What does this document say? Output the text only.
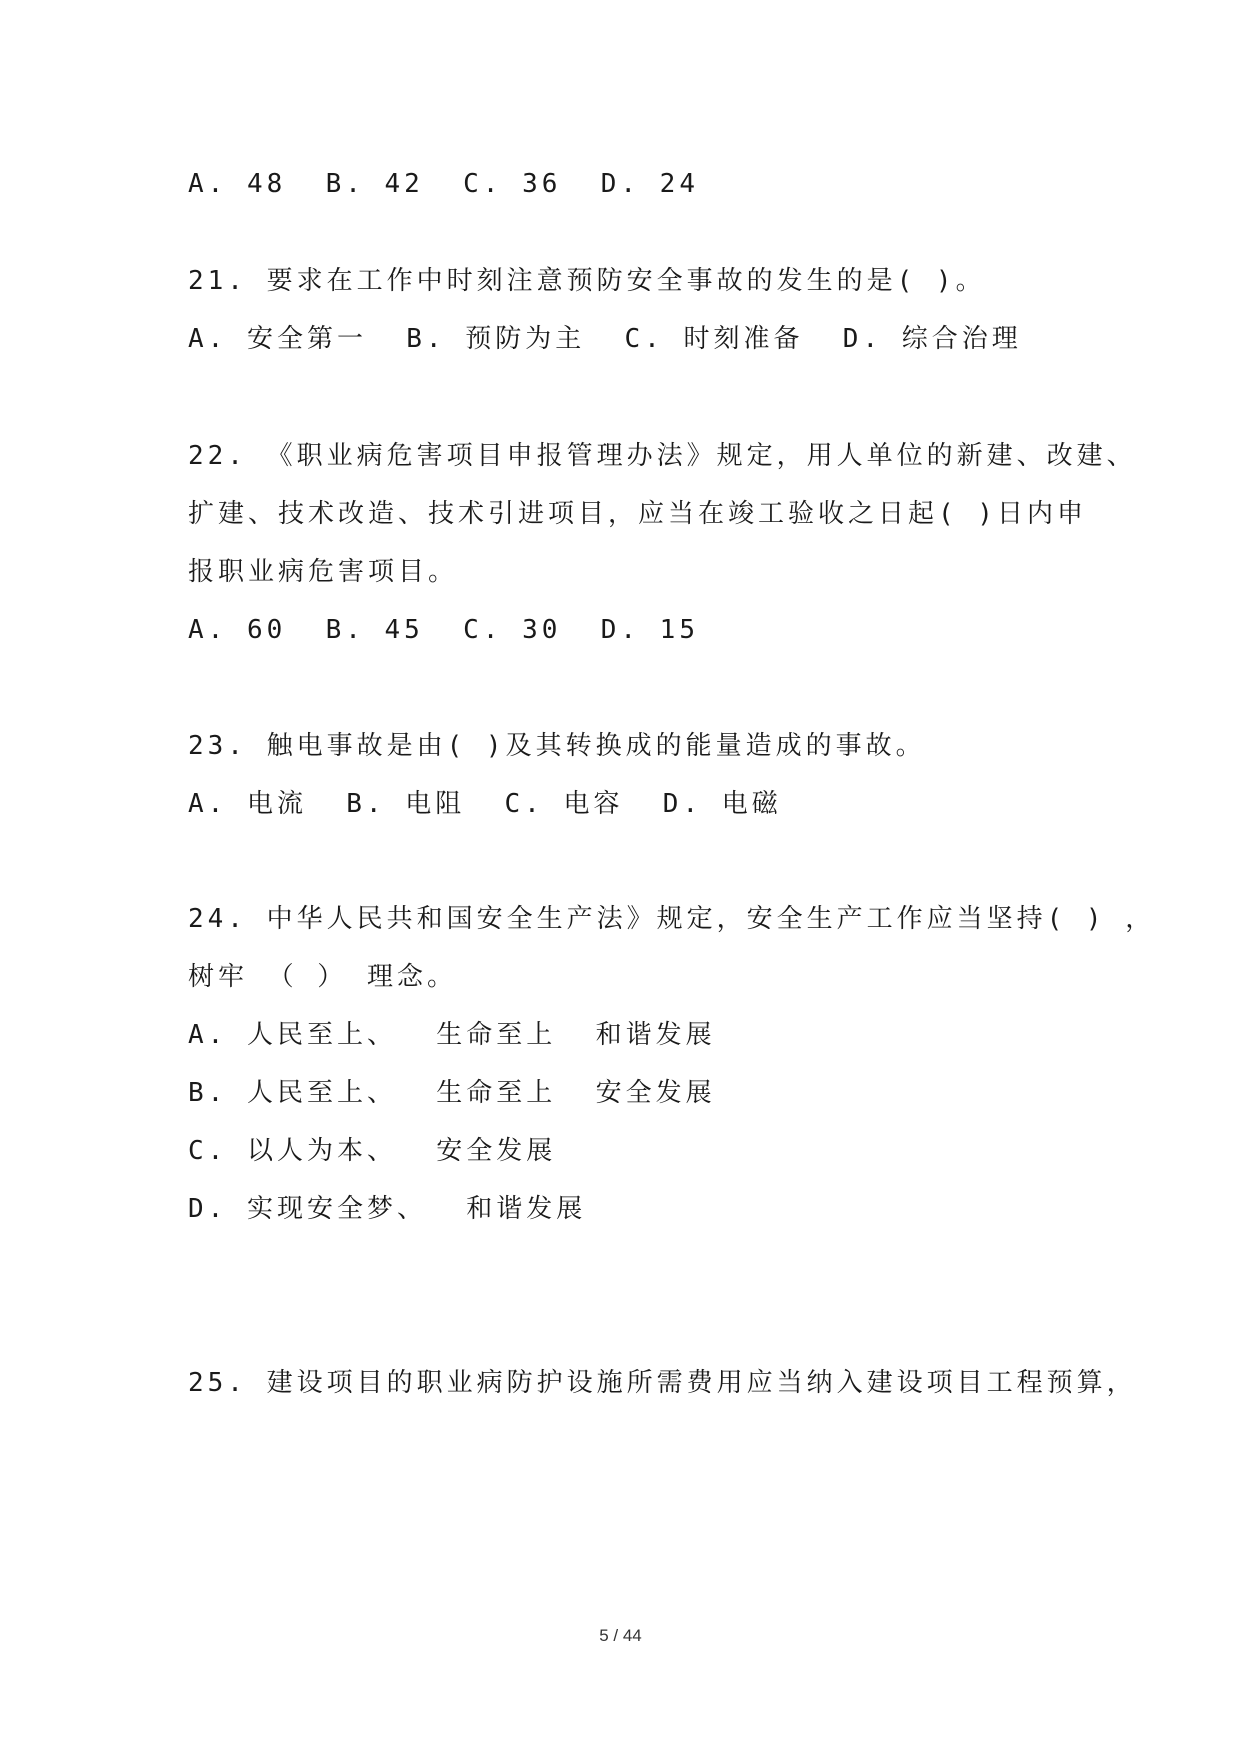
A. 48  B. 42  C. 36  D. 24
21. 要求在工作中时刻注意预防安全事故的发生的是( )。
A. 安全第一  B. 预防为主  C. 时刻准备  D. 综合治理
22. 《职业病危害项目申报管理办法》规定，用人单位的新建、改建、
扩建、技术改造、技术引进项目，应当在竣工验收之日起( )日内申
报职业病危害项目。
A. 60  B. 45  C. 30  D. 15
23. 触电事故是由( )及其转换成的能量造成的事故。
A. 电流  B. 电阻  C. 电容  D. 电磁
24. 中华人民共和国安全生产法》规定，安全生产工作应当坚持( ) ，
树牢 （ ） 理念。
A. 人民至上、  生命至上  和谐发展
B. 人民至上、  生命至上  安全发展
C. 以人为本、  安全发展
D. 实现安全梦、  和谐发展
25. 建设项目的职业病防护设施所需费用应当纳入建设项目工程预算，
5 / 44
